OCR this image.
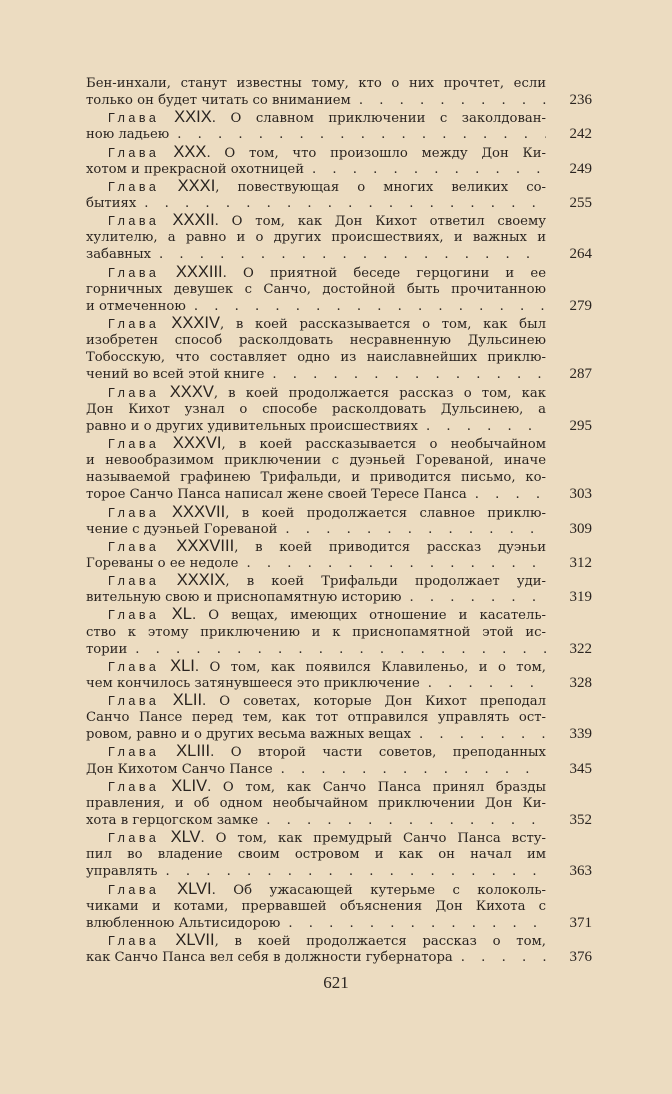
Бен-инхали, станут известны тому, кто о них прочтет, если
только он будет читать со вниманием . . .	236
Глава XXIX. О славном приключении с заколдован-
ною ладьею . . .	242
Глава XXX. О том, что произошло между Дон Ки-
хотом и прекрасной охотницей . . .	249
Глава XXXI, повествующая о многих великих со-
бытиях . . .	255
Глава XXXII. О том, как Дон Кихот ответил своему
хулителю, а равно и о других происшествиях, и важных и
забавных . . .	264
Глава XXXIII. О приятной беседе герцогини и ее
горничных девушек с Санчо, достойной быть прочитанною
и отмеченною . . .	279
Глава XXXIV, в коей рассказывается о том, как был
изобретен способ расколдовать несравненную Дульсинею
Тобосскую, что составляет одно из наиславнейших приклю-
чений во всей этой книге . . .	287
Глава XXXV, в коей продолжается рассказ о том, как
Дон Кихот узнал о способе расколдовать Дульсинею, а
равно и о других удивительных происшествиях . . .	295
Глава XXXVI, в коей рассказывается о необычайном
и невообразимом приключении с дуэньей Гореваной, иначе
называемой графинею Трифальди, и приводится письмо, ко-
торое Санчо Панса написал жене своей Тересе Панса . . .	303
Глава XXXVII, в коей продолжается славное приклю-
чение с дуэньей Гореваной . . .	309
Глава XXXVIII, в коей приводится рассказ дуэньи
Гореваны о ее недоле . . .	312
Глава XXXIX, в коей Трифальди продолжает уди-
вительную свою и приснопамятную историю . . .	319
Глава XL. О вещах, имеющих отношение и касатель-
ство к этому приключению и к приснопамятной этой ис-
тории . . .	322
Глава XLI. О том, как появился Клавиленьо, и о том,
чем кончилось затянувшееся это приключение . . .	328
Глава XLII. О советах, которые Дон Кихот преподал
Санчо Пансе перед тем, как тот отправился управлять ост-
ровом, равно и о других весьма важных вещах . . .	339
Глава XLIII. О второй части советов, преподанных
Дон Кихотом Санчо Пансе . . .	345
Глава XLIV. О том, как Санчо Панса принял бразды
правления, и об одном необычайном приключении Дон Ки-
хота в герцогском замке . . .	352
Глава XLV. О том, как премудрый Санчо Панса всту-
пил во владение своим островом и как он начал им
управлять . . .	363
Глава XLVI. Об ужасающей кутерьме с колоколь-
чиками и котами, прервавшей объяснения Дон Кихота с
влюбленною Альтисидорою . . .	371
Глава XLVII, в коей продолжается рассказ о том,
как Санчо Панса вел себя в должности губернатора . . .	376
621
